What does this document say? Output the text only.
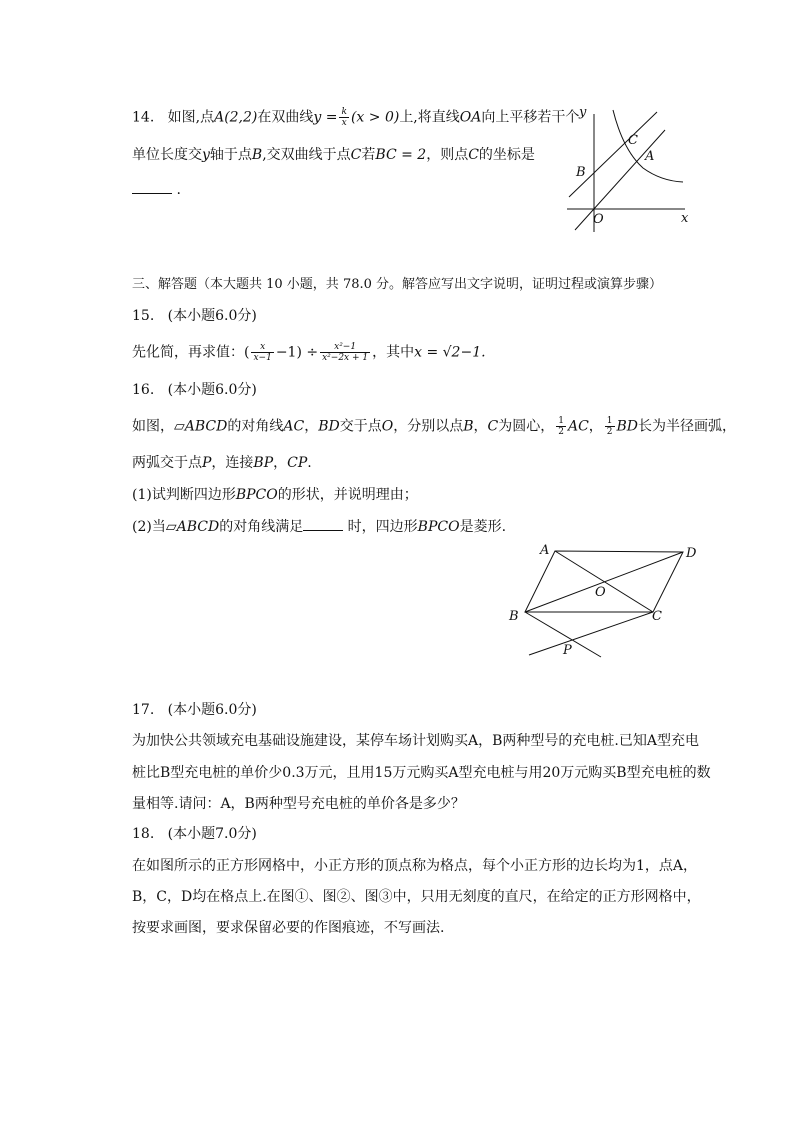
14. 如图,点A(2,2)在双曲线$y = \frac{k}{x} (x > 0)$上,将直线OA向上平移若干个
单位长度交y轴于点B,交双曲线于点C若BC = 2，则点C的坐标是
.
y
x
O
A
B
C
三、解答题（本大题共 10 小题，共 78.0 分。解答应写出文字说明，证明过程或演算步骤）
15. (本小题6.0分)
先化简，再求值：( $\frac{x}{x-1} -1) \div \frac{\text{x²−1}}{\text{x²−2x + 1}}$ ，其中x = √2−1.
16. (本小题6.0分)
如图，▱ABCD的对角线AC，BD交于点O，分别以点B，C为圆心， $\frac{1}{2}$ AC， $\frac{1}{2}$ BD长为半径画弧，
两弧交于点P，连接BP，CP.
(1)试判断四边形BPCO的形状，并说明理由；
(2)当▱ABCD的对角线满足	时，四边形BPCO是菱形.
A	D
O
B	C
P
17. (本小题6.0分)
为加快公共领域充电基础设施建设，某停车场计划购买A，B两种型号的充电桩.已知A型充电
桩比B型充电桩的单价少0.3万元，且用15万元购买A型充电桩与用20万元购买B型充电桩的数
量相等.请问：A，B两种型号充电桩的单价各是多少？
18. (本小题7.0分)
在如图所示的正方形网格中，小正方形的顶点称为格点，每个小正方形的边长均为1，点A，
B，C，D均在格点上.在图①、图②、图③中，只用无刻度的直尺，在给定的正方形网格中，
按要求画图，要求保留必要的作图痕迹，不写画法.
